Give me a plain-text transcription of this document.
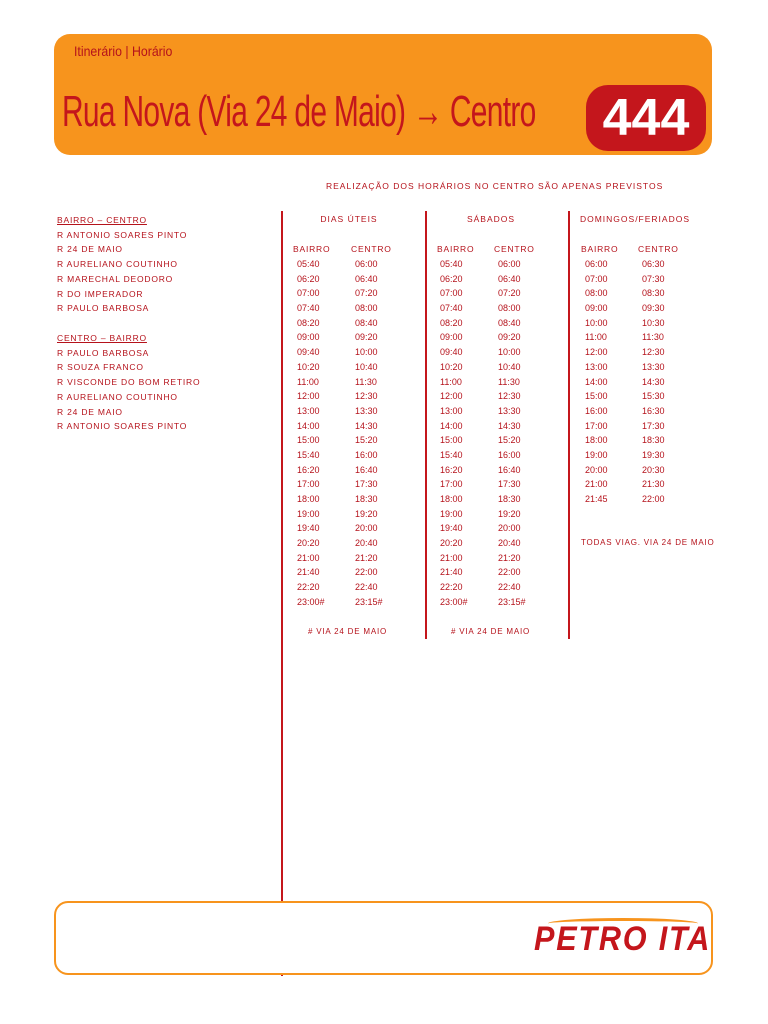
Itinerário | Horário
Rua Nova (Via 24 de Maio) → Centro	444
REALIZAÇÃO DOS HORÁRIOS NO CENTRO SÃO APENAS PREVISTOS
BAIRRO – CENTRO
R ANTONIO SOARES PINTO
R 24 DE MAIO
R AURELIANO COUTINHO
R MARECHAL DEODORO
R DO IMPERADOR
R PAULO BARBOSA
CENTRO – BAIRRO
R PAULO BARBOSA
R SOUZA FRANCO
R VISCONDE DO BOM RETIRO
R AURELIANO COUTINHO
R 24 DE MAIO
R ANTONIO SOARES PINTO
DIAS ÚTEIS
BAIRRO CENTRO
05:40
06:20
07:00
07:40
08:20
09:00
09:40
10:20
11:00
12:00
13:00
14:00
15:00
15:40
16:20
17:00
18:00
19:00
19:40
20:20
21:00
21:40
22:20
23:00#
06:00
06:40
07:20
08:00
08:40
09:20
10:00
10:40
11:30
12:30
13:30
14:30
15:20
16:00
16:40
17:30
18:30
19:20
20:00
20:40
21:20
22:00
22:40
23:15#
# VIA 24 DE MAIO
SÁBADOS
BAIRRO CENTRO
05:40
06:20
07:00
07:40
08:20
09:00
09:40
10:20
11:00
12:00
13:00
14:00
15:00
15:40
16:20
17:00
18:00
19:00
19:40
20:20
21:00
21:40
22:20
23:00#
06:00
06:40
07:20
08:00
08:40
09:20
10:00
10:40
11:30
12:30
13:30
14:30
15:20
16:00
16:40
17:30
18:30
19:20
20:00
20:40
21:20
22:00
22:40
23:15#
# VIA 24 DE MAIO
DOMINGOS/FERIADOS
BAIRRO CENTRO
06:00
07:00
08:00
09:00
10:00
11:00
12:00
13:00
14:00
15:00
16:00
17:00
18:00
19:00
20:00
21:00
21:45
06:30
07:30
08:30
09:30
10:30
11:30
12:30
13:30
14:30
15:30
16:30
17:30
18:30
19:30
20:30
21:30
22:00
TODAS VIAG. VIA 24 DE MAIO
PETRO ITA
